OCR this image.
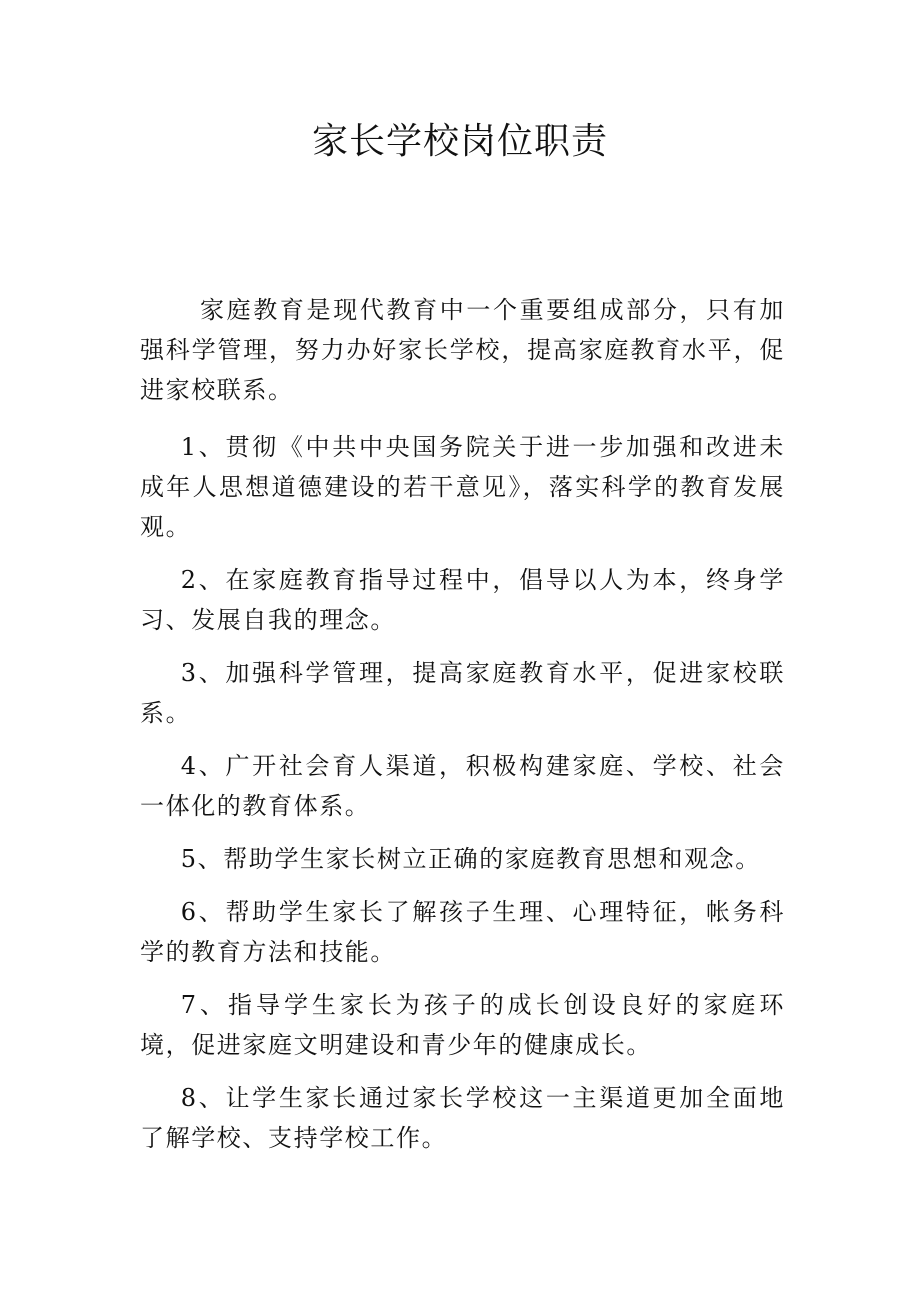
家长学校岗位职责

家庭教育是现代教育中一个重要组成部分，只有加强科学管理，努力办好家长学校，提高家庭教育水平，促进家校联系。

1、贯彻《中共中央国务院关于进一步加强和改进未成年人思想道德建设的若干意见》，落实科学的教育发展观。

2、在家庭教育指导过程中，倡导以人为本，终身学习、发展自我的理念。

3、加强科学管理，提高家庭教育水平，促进家校联系。

4、广开社会育人渠道，积极构建家庭、学校、社会一体化的教育体系。

5、帮助学生家长树立正确的家庭教育思想和观念。

6、帮助学生家长了解孩子生理、心理特征，帐务科学的教育方法和技能。

7、指导学生家长为孩子的成长创设良好的家庭环境，促进家庭文明建设和青少年的健康成长。

8、让学生家长通过家长学校这一主渠道更加全面地了解学校、支持学校工作。
